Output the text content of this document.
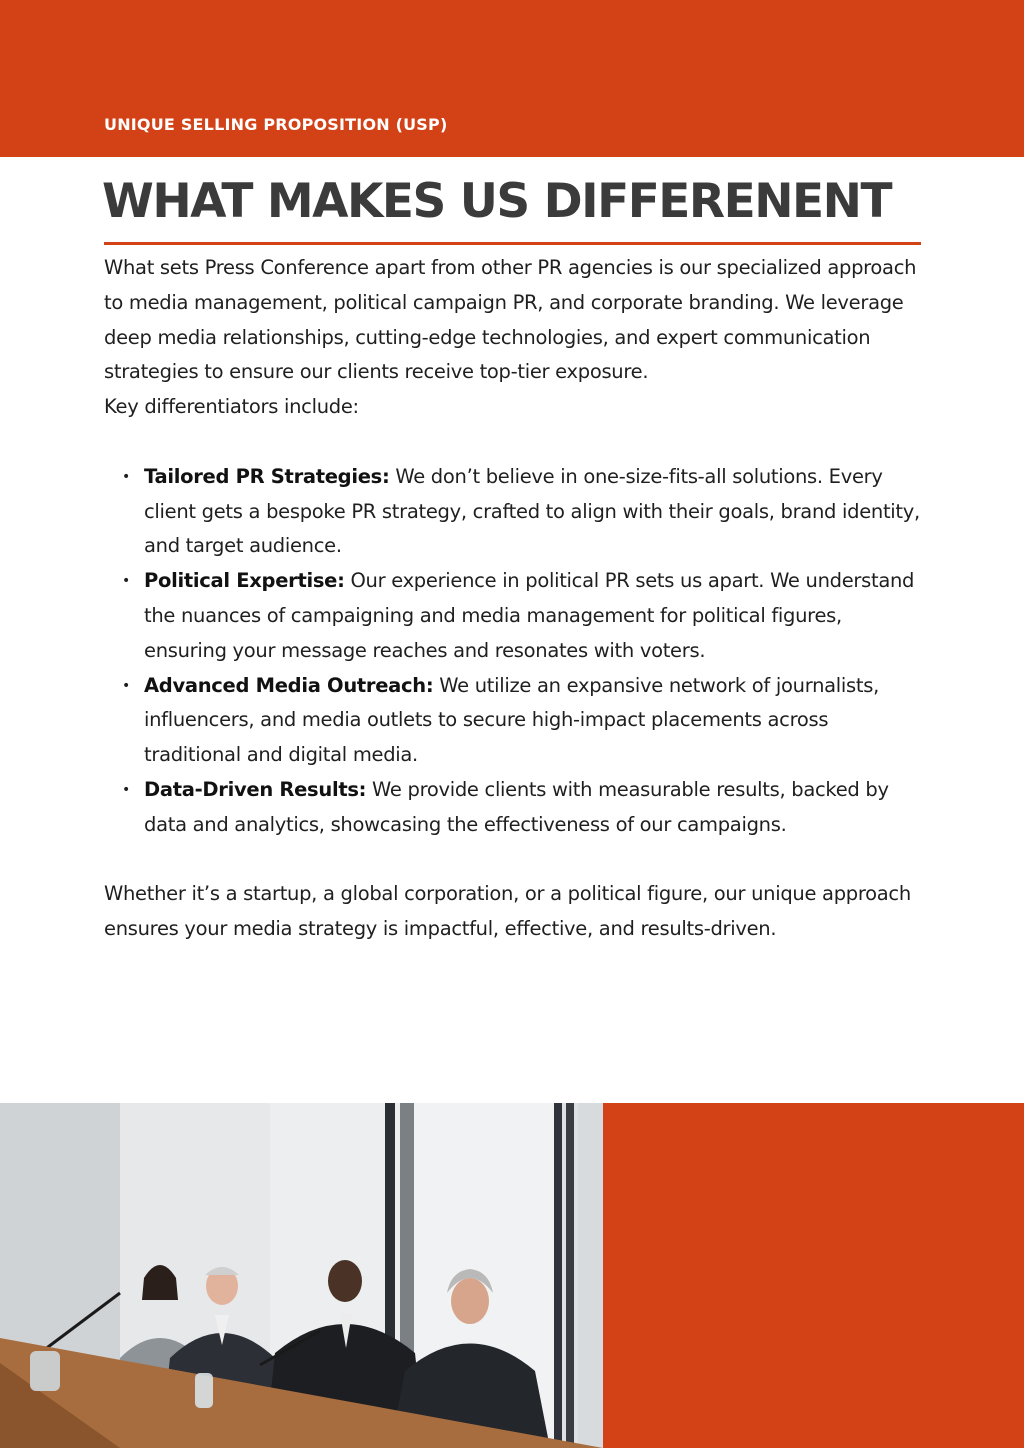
UNIQUE SELLING PROPOSITION (USP)
WHAT MAKES US DIFFERENENT

What sets Press Conference apart from other PR agencies is our specialized approach to media management, political campaign PR, and corporate branding. We leverage deep media relationships, cutting-edge technologies, and expert communication strategies to ensure our clients receive top-tier exposure.

Key differentiators include:

• Tailored PR Strategies: We don’t believe in one-size-fits-all solutions. Every client gets a bespoke PR strategy, crafted to align with their goals, brand identity, and target audience.
• Political Expertise: Our experience in political PR sets us apart. We understand the nuances of campaigning and media management for political figures, ensuring your message reaches and resonates with voters.
• Advanced Media Outreach: We utilize an expansive network of journalists, influencers, and media outlets to secure high-impact placements across traditional and digital media.
• Data-Driven Results: We provide clients with measurable results, backed by data and analytics, showcasing the effectiveness of our campaigns.

Whether it’s a startup, a global corporation, or a political figure, our unique approach ensures your media strategy is impactful, effective, and results-driven.
